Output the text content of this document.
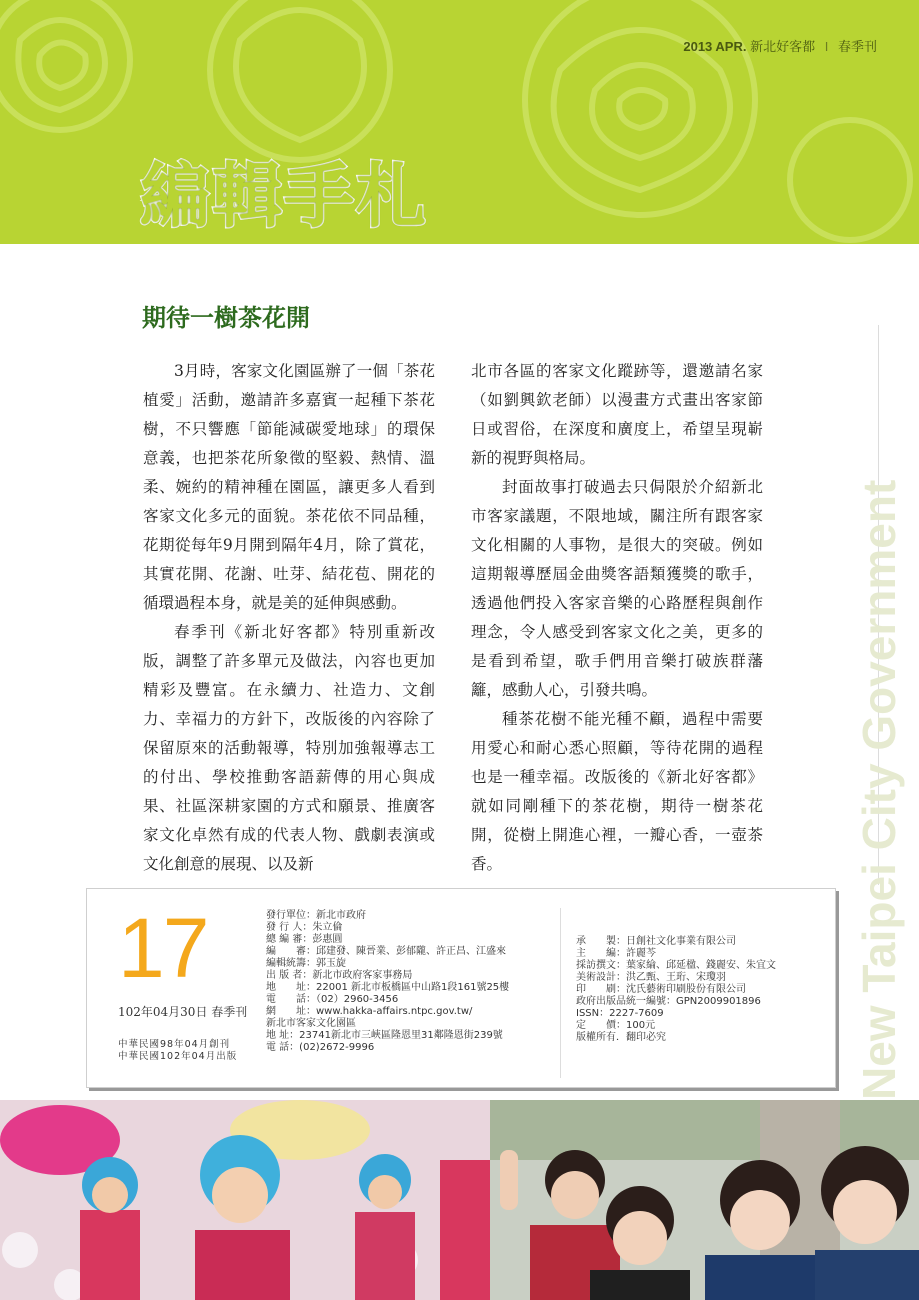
2013 APR. 新北好客都 I 春季刊
編輯手札
New Taipei City Government
期待一樹茶花開

3月時，客家文化園區辦了一個「茶花植愛」活動，邀請許多嘉賓一起種下茶花樹，不只響應「節能減碳愛地球」的環保意義，也把茶花所象徵的堅毅、熱情、溫柔、婉約的精神種在園區，讓更多人看到客家文化多元的面貌。茶花依不同品種，花期從每年9月開到隔年4月，除了賞花，其實花開、花謝、吐芽、結花苞、開花的循環過程本身，就是美的延伸與感動。

春季刊《新北好客都》特別重新改版，調整了許多單元及做法，內容也更加精彩及豐富。在永續力、社造力、文創力、幸福力的方針下，改版後的內容除了保留原來的活動報導，特別加強報導志工的付出、學校推動客語薪傳的用心與成果、社區深耕家園的方式和願景、推廣客家文化卓然有成的代表人物、戲劇表演或文化創意的展現、以及新

北市各區的客家文化蹤跡等，還邀請名家（如劉興欽老師）以漫畫方式畫出客家節日或習俗，在深度和廣度上，希望呈現嶄新的視野與格局。

封面故事打破過去只侷限於介紹新北市客家議題，不限地域，關注所有跟客家文化相關的人事物，是很大的突破。例如這期報導歷屆金曲獎客語類獲獎的歌手，透過他們投入客家音樂的心路歷程與創作理念，令人感受到客家文化之美，更多的是看到希望，歌手們用音樂打破族群藩籬，感動人心，引發共鳴。

種茶花樹不能光種不顧，過程中需要用愛心和耐心悉心照顧，等待花開的過程也是一種幸福。改版後的《新北好客都》就如同剛種下的茶花樹，期待一樹茶花開，從樹上開進心裡，一瓣心香，一壺茶香。

17
102年04月30日 春季刊
中華民國98年04月創刊
中華民國102年04月出版
發行單位：新北市政府
發 行 人：朱立倫
總 編 審：彭惠圓
編　　審：邱建發、陳晉業、彭郁隴、許正昌、江盛來
編輯統籌：郭玉旋
出 版 者：新北市政府客家事務局
地　　址：22001 新北市板橋區中山路1段161號25樓
電　　話：（02）2960-3456
網　　址：www.hakka-affairs.ntpc.gov.tw/
新北市客家文化園區
地 址：23741新北市三峽區隆恩里31鄰隆恩街239號
電 話：(02)2672-9996
承　　製：日創社文化事業有限公司
主　　編：許麗芩
採訪撰文：葉家綸、邱延楹、錢麗安、朱宜文
美術設計：洪乙甄、王珩、宋瓊羽
印　　刷：沈氏藝術印刷股份有限公司
政府出版品統一編號：GPN2009901896
ISSN：2227-7609
定　　價：100元
版權所有．翻印必究
